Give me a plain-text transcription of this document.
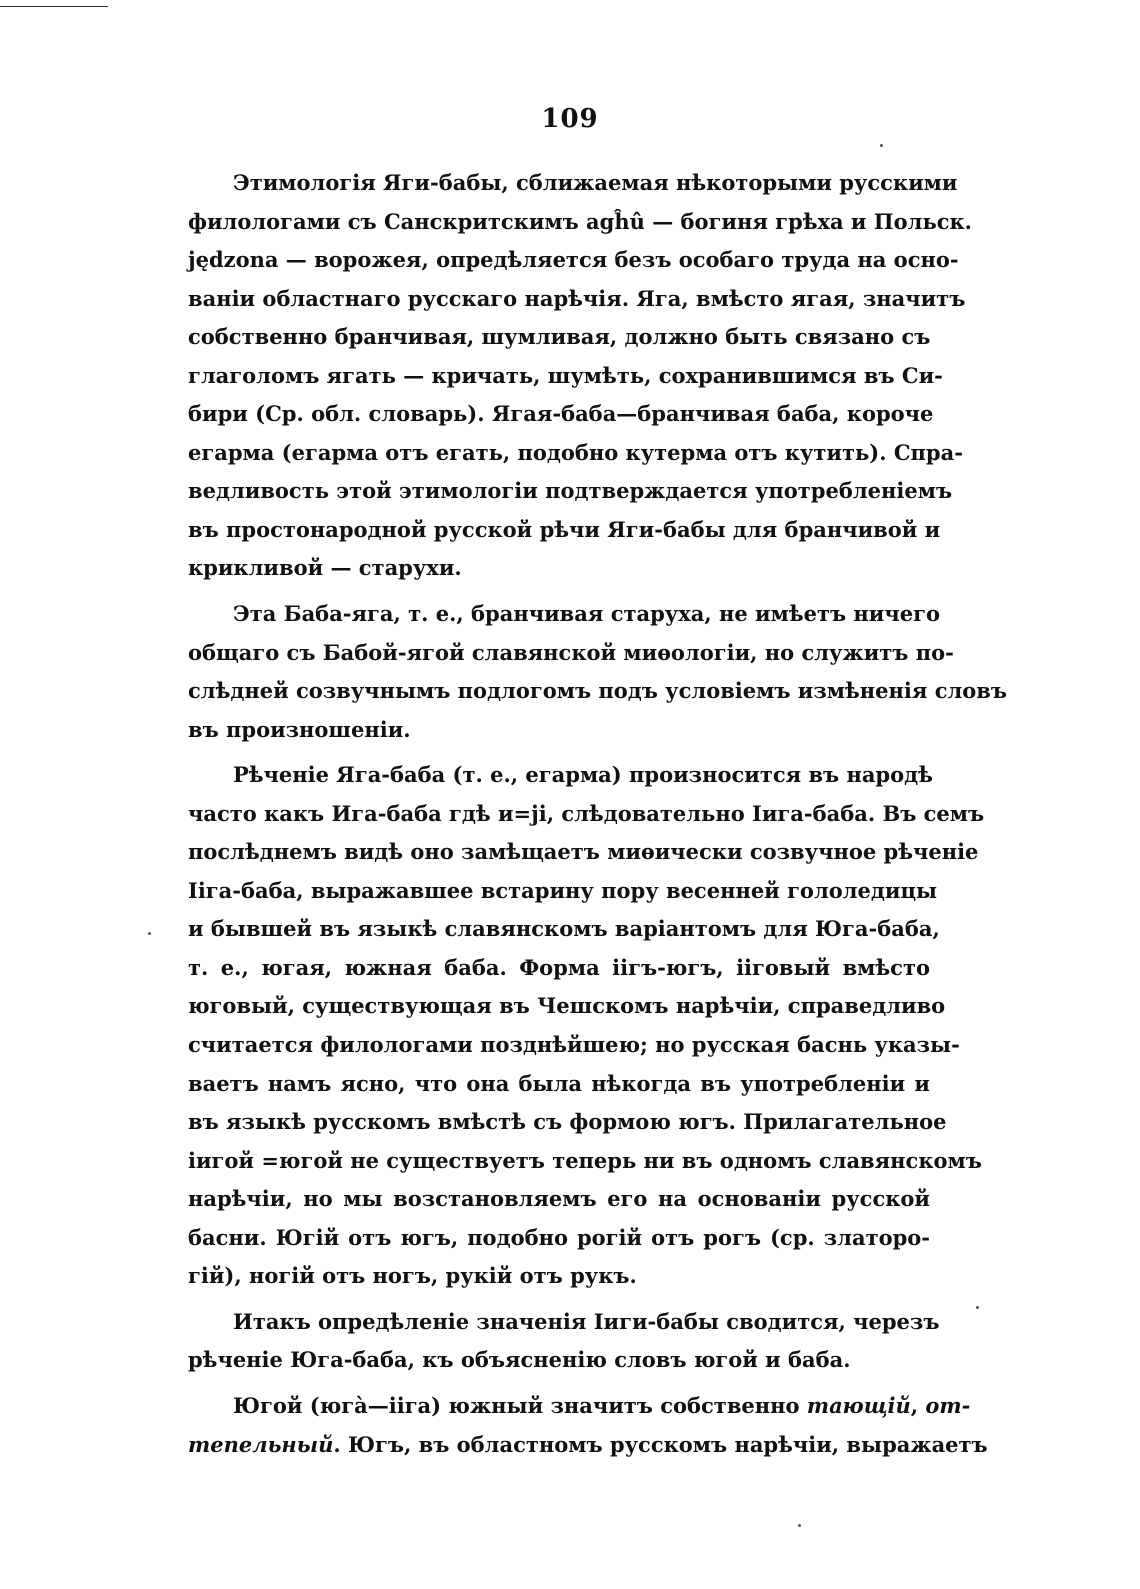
109
Этимологія Яги-бабы, сближаемая нѣкоторыми русскими
филологами съ Санскритскимъ agĥû — богиня грѣха и Польск.
jędzona — ворожея, опредѣляется безъ особаго труда на осно-
ваніи областнаго русскаго нарѣчія. Яга, вмѣсто ягая, значитъ
собственно бранчивая, шумливая, должно быть связано съ
глаголомъ ягать — кричать, шумѣть, сохранившимся въ Си-
бири (Ср. обл. словарь). Ягая-баба—бранчивая баба, короче
егарма (егарма отъ егать, подобно кутерма отъ кутить). Спра-
ведливость этой этимологіи подтверждается употребленіемъ
въ простонародной русской рѣчи Яги-бабы для бранчивой и
крикливой — старухи.
Эта Баба-яга, т. е., бранчивая старуха, не имѣетъ ничего
общаго съ Бабой-ягой славянской миѳологіи, но служитъ по-
слѣдней созвучнымъ подлогомъ подъ условіемъ измѣненія словъ
въ произношеніи.
Рѣченіе Яга-баба (т. е., егарма) произносится въ народѣ
часто какъ Ига-баба гдѣ и=ji, слѣдовательно Іига-баба. Въ семъ
послѣднемъ видѣ оно замѣщаетъ миѳически созвучное рѣченіе
Іiга-баба, выражавшее встарину пору весенней гололедицы
и бывшей въ языкѣ славянскомъ варіантомъ для Юга-баба,
т. е., югая, южная баба. Форма іiгъ-югъ, іiговый вмѣсто
юговый, существующая въ Чешскомъ нарѣчіи, справедливо
считается филологами позднѣйшею; но русская баснь указы-
ваетъ намъ ясно, что она была нѣкогда въ употребленіи и
въ языкѣ русскомъ вмѣстѣ съ формою югъ. Прилагательное
іигой =югой не существуетъ теперь ни въ одномъ славянскомъ
нарѣчіи, но мы возстановляемъ его на основаніи русской
басни. Югій отъ югъ, подобно рогій отъ рогъ (ср. златоро-
гій), ногій отъ ногъ, рукій отъ рукъ.
Итакъ опредѣленіе значенія Іиги-бабы сводится, черезъ
рѣченіе Юга-баба, къ объясненію словъ югой и баба.
Югой (югà—іiга) южный значитъ собственно тающій, от-
тепельный. Югъ, въ областномъ русскомъ нарѣчіи, выражаетъ
